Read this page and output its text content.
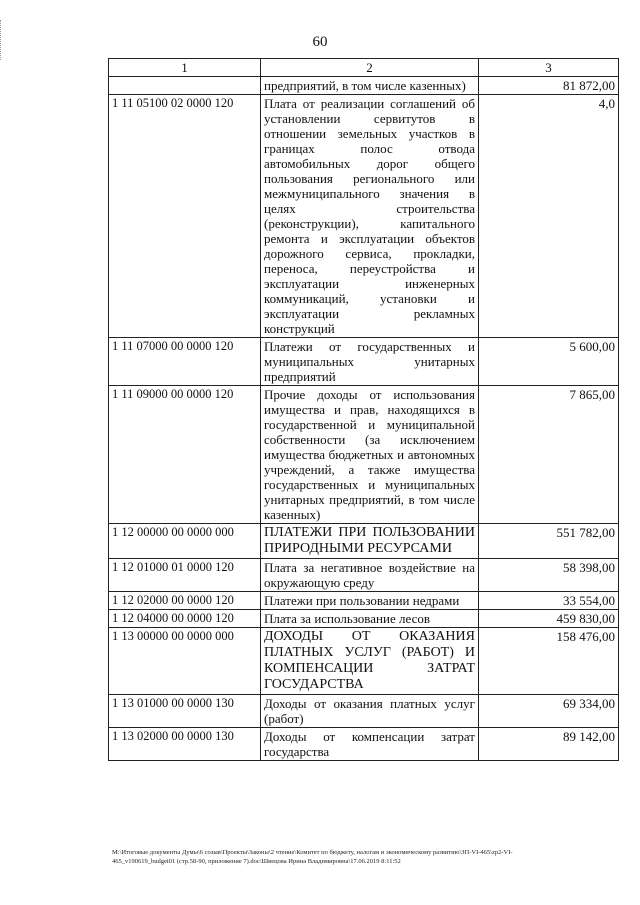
60
1	2	3
	предприятий, в том числе казенных)	81 872,00
1 11 05100 02 0000 120	Плата от реализации соглашений об установлении сервитутов в отношении земельных участков в границах полос отвода автомобильных дорог общего пользования регионального или межмуниципального значения в целях строительства (реконструкции), капитального ремонта и эксплуатации объектов дорожного сервиса, прокладки, переноса, переустройства и эксплуатации инженерных коммуникаций, установки и эксплуатации рекламных конструкций	4,0
1 11 07000 00 0000 120	Платежи от государственных и муниципальных унитарных предприятий	5 600,00
1 11 09000 00 0000 120	Прочие доходы от использования имущества и прав, находящихся в государственной и муниципальной собственности (за исключением имущества бюджетных и автономных учреждений, а также имущества государственных и муниципальных унитарных предприятий, в том числе казенных)	7 865,00
1 12 00000 00 0000 000	ПЛАТЕЖИ ПРИ ПОЛЬЗОВАНИИ ПРИРОДНЫМИ РЕСУРСАМИ	551 782,00
1 12 01000 01 0000 120	Плата за негативное воздействие на окружающую среду	58 398,00
1 12 02000 00 0000 120	Платежи при пользовании недрами	33 554,00
1 12 04000 00 0000 120	Плата за использование лесов	459 830,00
1 13 00000 00 0000 000	ДОХОДЫ ОТ ОКАЗАНИЯ ПЛАТНЫХ УСЛУГ (РАБОТ) И КОМПЕНСАЦИИ ЗАТРАТ ГОСУДАРСТВА	158 476,00
1 13 01000 00 0000 130	Доходы от оказания платных услуг (работ)	69 334,00
1 13 02000 00 0000 130	Доходы от компенсации затрат государства	89 142,00
М:\Итоговые документы Думы\6 созыв\Проекты\Законы\2 чтение\Комитет по бюджету, налогам и экономическому развитию\ЗП-VI-465\zp2-VI-
465_v190619_budget01 (стр.58-90, приложение 7).doc\Швецова Ирина Владимировна\17.06.2019 8:11:52
